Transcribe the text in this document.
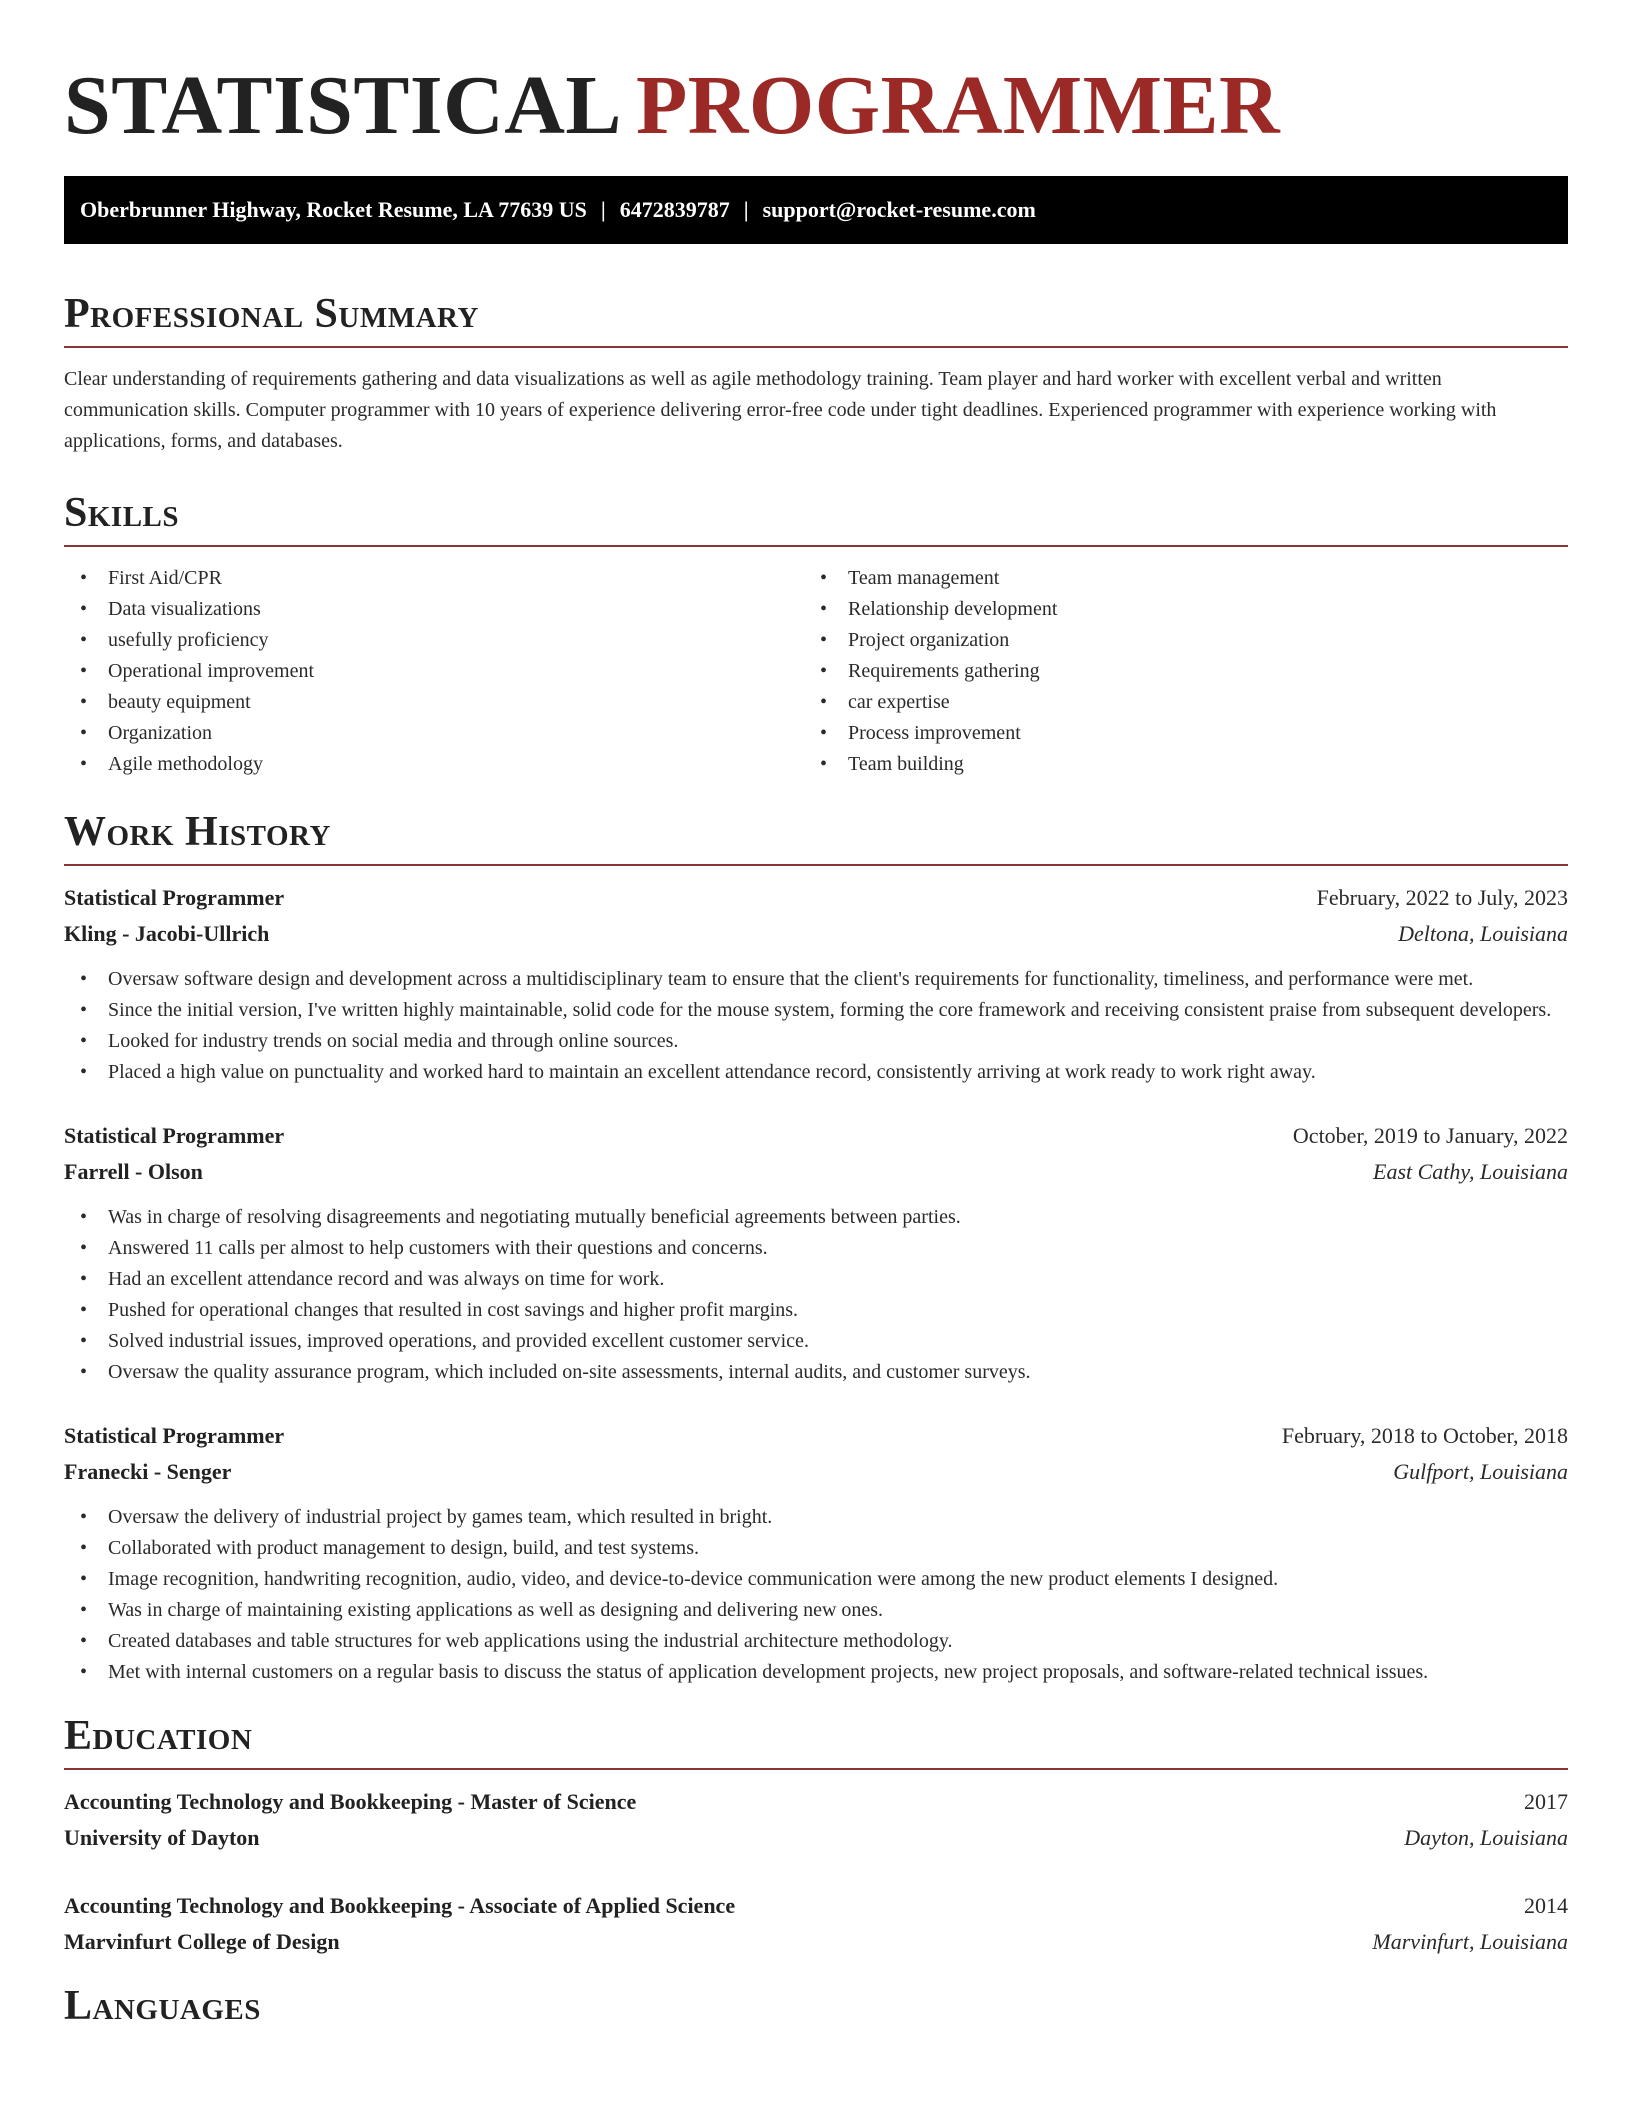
STATISTICAL PROGRAMMER
Oberbrunner Highway, Rocket Resume, LA 77639 US | 6472839787 | support@rocket-resume.com
Professional Summary

Clear understanding of requirements gathering and data visualizations as well as agile methodology training. Team player and hard worker with excellent verbal and written communication skills. Computer programmer with 10 years of experience delivering error-free code under tight deadlines. Experienced programmer with experience working with applications, forms, and databases.

Skills
• First Aid/CPR
• Data visualizations
• usefully proficiency
• Operational improvement
• beauty equipment
• Organization
• Agile methodology
• Team management
• Relationship development
• Project organization
• Requirements gathering
• car expertise
• Process improvement
• Team building
Work History
Statistical Programmer	February, 2022 to July, 2023
Kling - Jacobi-Ullrich	Deltona, Louisiana
• Oversaw software design and development across a multidisciplinary team to ensure that the client's requirements for functionality, timeliness, and performance were met.
• Since the initial version, I've written highly maintainable, solid code for the mouse system, forming the core framework and receiving consistent praise from subsequent developers.
• Looked for industry trends on social media and through online sources.
• Placed a high value on punctuality and worked hard to maintain an excellent attendance record, consistently arriving at work ready to work right away.
Statistical Programmer	October, 2019 to January, 2022
Farrell - Olson	East Cathy, Louisiana
• Was in charge of resolving disagreements and negotiating mutually beneficial agreements between parties.
• Answered 11 calls per almost to help customers with their questions and concerns.
• Had an excellent attendance record and was always on time for work.
• Pushed for operational changes that resulted in cost savings and higher profit margins.
• Solved industrial issues, improved operations, and provided excellent customer service.
• Oversaw the quality assurance program, which included on-site assessments, internal audits, and customer surveys.
Statistical Programmer	February, 2018 to October, 2018
Franecki - Senger	Gulfport, Louisiana
• Oversaw the delivery of industrial project by games team, which resulted in bright.
• Collaborated with product management to design, build, and test systems.
• Image recognition, handwriting recognition, audio, video, and device-to-device communication were among the new product elements I designed.
• Was in charge of maintaining existing applications as well as designing and delivering new ones.
• Created databases and table structures for web applications using the industrial architecture methodology.
• Met with internal customers on a regular basis to discuss the status of application development projects, new project proposals, and software-related technical issues.
Education
Accounting Technology and Bookkeeping - Master of Science	2017
University of Dayton	Dayton, Louisiana
Accounting Technology and Bookkeeping - Associate of Applied Science	2014
Marvinfurt College of Design	Marvinfurt, Louisiana
Languages
